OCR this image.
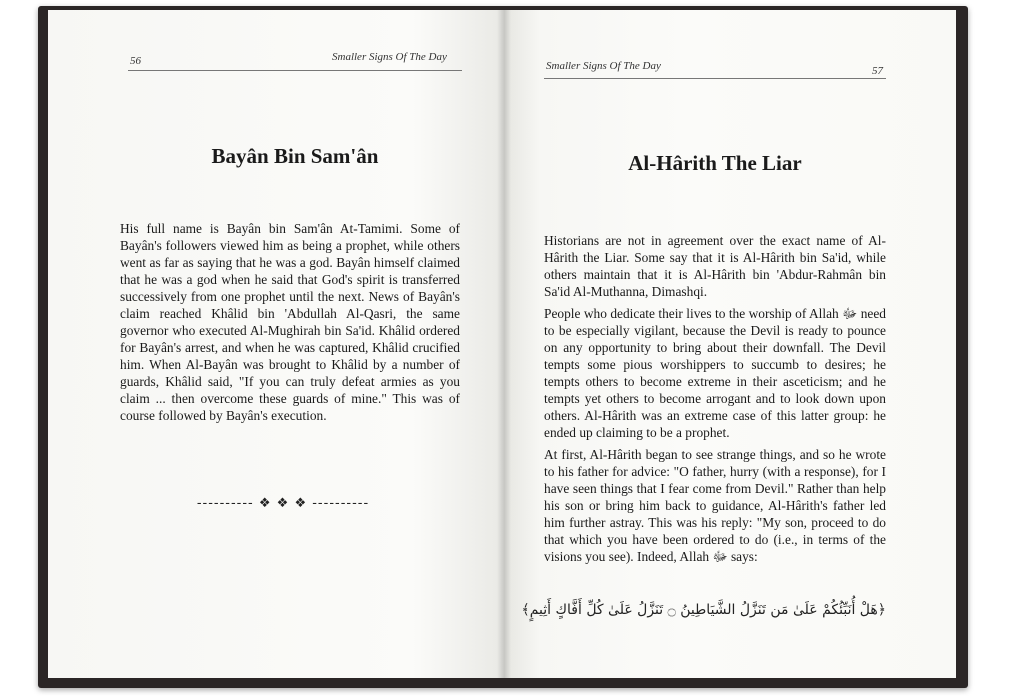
56	Smaller Signs Of The Day
Bayân Bin Sam'ân

His full name is Bayân bin Sam'ân At-Tamimi. Some of Bayân's followers viewed him as being a prophet, while others went as far as saying that he was a god. Bayân himself claimed that he was a god when he said that God's spirit is transferred successively from one prophet until the next. News of Bayân's claim reached Khâlid bin 'Abdullah Al-Qasri, the same governor who executed Al-Mughirah bin Sa'id. Khâlid ordered for Bayân's arrest, and when he was captured, Khâlid crucified him. When Al-Bayân was brought to Khâlid by a number of guards, Khâlid said, "If you can truly defeat armies as you claim ... then overcome these guards of mine." This was of course followed by Bayân's execution.

---------- ❖ ❖ ❖ ----------
Smaller Signs Of The Day	57
Al-Hârith The Liar

Historians are not in agreement over the exact name of Al-Hârith the Liar. Some say that it is Al-Hârith bin Sa'id, while others maintain that it is Al-Hârith bin 'Abdur-Rahmân bin Sa'id Al-Muthanna, Dimashqi.

People who dedicate their lives to the worship of Allah ﷻ need to be especially vigilant, because the Devil is ready to pounce on any opportunity to bring about their downfall. The Devil tempts some pious worshippers to succumb to desires; he tempts others to become extreme in their asceticism; and he tempts yet others to become arrogant and to look down upon others. Al-Hârith was an extreme case of this latter group: he ended up claiming to be a prophet.

At first, Al-Hârith began to see strange things, and so he wrote to his father for advice: "O father, hurry (with a response), for I have seen things that I fear come from Devil." Rather than help his son or bring him back to guidance, Al-Hârith's father led him further astray. This was his reply: "My son, proceed to do that which you have been ordered to do (i.e., in terms of the visions you see). Indeed, Allah ﷻ says:

﴿هَلْ أُنَبِّئُكُمْ عَلَىٰ مَن تَنَزَّلُ الشَّيَاطِينُ ۝ تَنَزَّلُ عَلَىٰ كُلِّ أَفَّاكٍ أَثِيمٍ﴾
